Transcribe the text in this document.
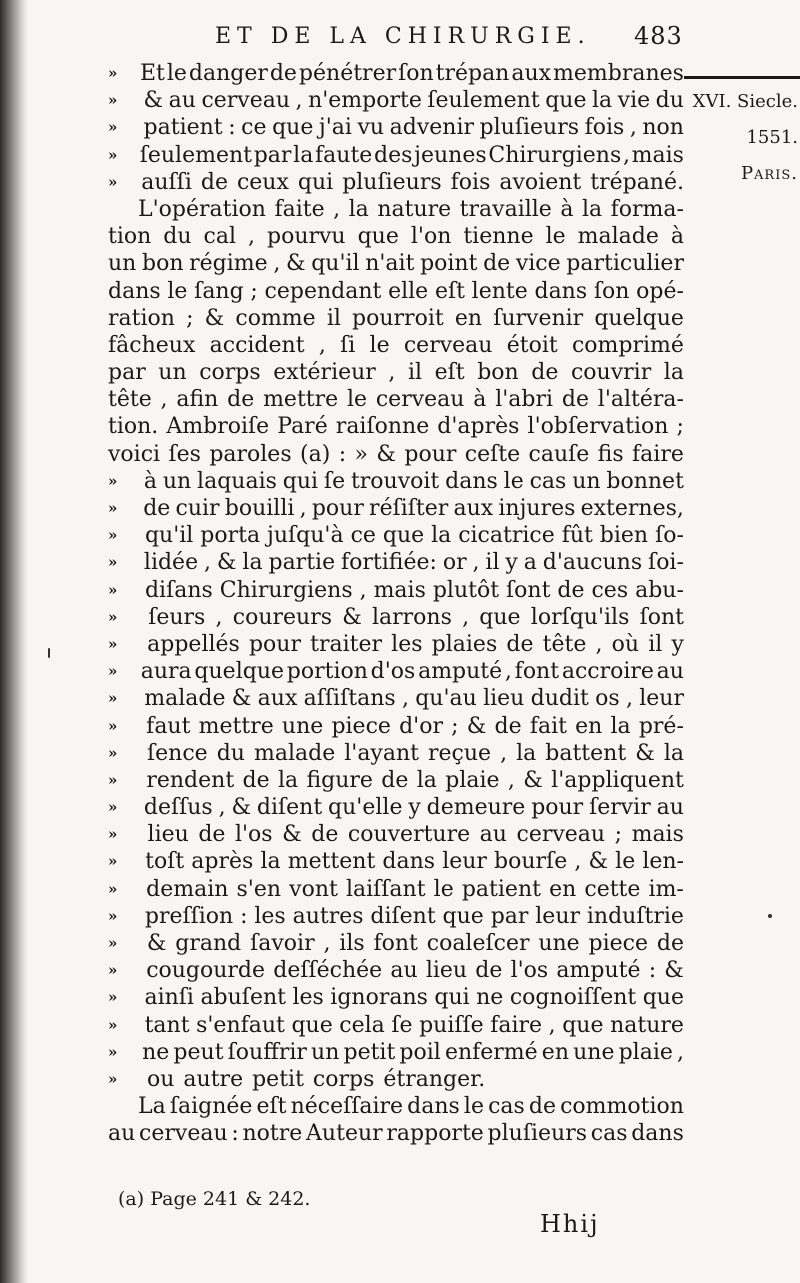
ET DE LA CHIRURGIE. 483
XVI. Siecle.
1551.
Paris.
»	Et le danger de pénétrer ſon trépan aux membranes
»	& au cerveau , n'emporte ſeulement que la vie du
»	patient : ce que j'ai vu advenir pluſieurs fois , non
»	ſeulement par la faute des jeunes Chirurgiens , mais
»	auſſi de ceux qui pluſieurs fois avoient trépané.
L'opération faite , la nature travaille à la forma-
tion du cal , pourvu que l'on tienne le malade à
un bon régime , & qu'il n'ait point de vice particulier
dans le ſang ; cependant elle eſt lente dans ſon opé-
ration ; & comme il pourroit en ſurvenir quelque
fâcheux accident , ſi le cerveau étoit comprimé
par un corps extérieur , il eſt bon de couvrir la
tête , afin de mettre le cerveau à l'abri de l'altéra-
tion. Ambroiſe Paré raiſonne d'après l'obſervation ;
voici ſes paroles (a) : » & pour ceſte cauſe fis faire
»	à un laquais qui ſe trouvoit dans le cas un bonnet
»	de cuir bouilli , pour réſiſter aux injures externes,
»	qu'il porta juſqu'à ce que la cicatrice fût bien ſo-
»	lidée , & la partie fortifiée: or , il y a d'aucuns ſoi-
»	diſans Chirurgiens , mais plutôt ſont de ces abu-
»	ſeurs , coureurs & larrons , que lorſqu'ils ſont
»	appellés pour traiter les plaies de tête , où il y
»	aura quelque portion d'os amputé , font accroire au
»	malade & aux aſſiſtans , qu'au lieu dudit os , leur
»	faut mettre une piece d'or ; & de fait en la pré-
»	ſence du malade l'ayant reçue , la battent & la
»	rendent de la figure de la plaie , & l'appliquent
»	deſſus , & diſent qu'elle y demeure pour ſervir au
»	lieu de l'os & de couverture au cerveau ; mais
»	toſt après la mettent dans leur bourſe , & le len-
»	demain s'en vont laiſſant le patient en cette im-
»	preſſion : les autres diſent que par leur induſtrie
»	& grand ſavoir , ils font coaleſcer une piece de
»	cougourde deſſéchée au lieu de l'os amputé : &
»	ainſi abuſent les ignorans qui ne cognoiſſent que
»	tant s'enfaut que cela ſe puiſſe faire , que nature
»	ne peut ſouffrir un petit poil enfermé en une plaie ,
»	ou autre petit corps étranger.
La ſaignée eſt néceſſaire dans le cas de commotion
au cerveau : notre Auteur rapporte pluſieurs cas dans
(a) Page 241 & 242.
Hhij
